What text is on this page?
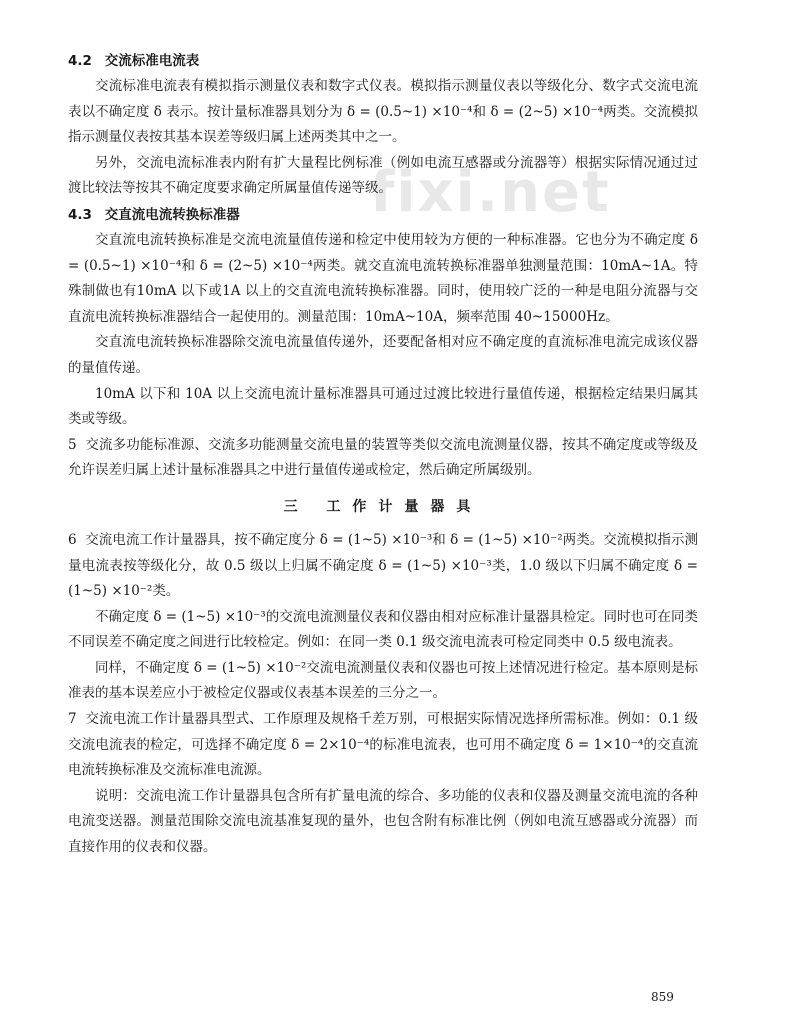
fixi.net
4.2 交流标准电流表

交流标准电流表有模拟指示测量仪表和数字式仪表。模拟指示测量仪表以等级化分、数字式交流电流表以不确定度 δ 表示。按计量标准器具划分为 δ = (0.5~1) ×10⁻⁴和 δ = (2~5) ×10⁻⁴两类。交流模拟指示测量仪表按其基本误差等级归属上述两类其中之一。

另外，交流电流标准表内附有扩大量程比例标准（例如电流互感器或分流器等）根据实际情况通过过渡比较法等按其不确定度要求确定所属量值传递等级。

4.3 交直流电流转换标准器

交直流电流转换标准是交流电流量值传递和检定中使用较为方便的一种标准器。它也分为不确定度 δ = (0.5~1) ×10⁻⁴和 δ = (2~5) ×10⁻⁴两类。就交直流电流转换标准器单独测量范围：10mA~1A。特殊制做也有10mA 以下或1A 以上的交直流电流转换标准器。同时，使用较广泛的一种是电阻分流器与交直流电流转换标准器结合一起使用的。测量范围：10mA~10A，频率范围 40~15000Hz。

交直流电流转换标准器除交流电流量值传递外，还要配备相对应不确定度的直流标准电流完成该仪器的量值传递。

10mA 以下和 10A 以上交流电流计量标准器具可通过过渡比较进行量值传递，根据检定结果归属其类或等级。

5 交流多功能标准源、交流多功能测量交流电量的装置等类似交流电流测量仪器，按其不确定度或等级及允许误差归属上述计量标准器具之中进行量值传递或检定，然后确定所属级别。

三 工作计量器具

6 交流电流工作计量器具，按不确定度分 δ = (1~5) ×10⁻³和 δ = (1~5) ×10⁻²两类。交流模拟指示测量电流表按等级化分，故 0.5 级以上归属不确定度 δ = (1~5) ×10⁻³类，1.0 级以下归属不确定度 δ = (1~5) ×10⁻²类。

不确定度 δ = (1~5) ×10⁻³的交流电流测量仪表和仪器由相对应标准计量器具检定。同时也可在同类不同误差不确定度之间进行比较检定。例如：在同一类 0.1 级交流电流表可检定同类中 0.5 级电流表。

同样，不确定度 δ = (1~5) ×10⁻²交流电流测量仪表和仪器也可按上述情况进行检定。基本原则是标准表的基本误差应小于被检定仪器或仪表基本误差的三分之一。

7 交流电流工作计量器具型式、工作原理及规格千差万别，可根据实际情况选择所需标准。例如：0.1 级交流电流表的检定，可选择不确定度 δ = 2×10⁻⁴的标准电流表，也可用不确定度 δ = 1×10⁻⁴的交直流电流转换标准及交流标准电流源。

说明：交流电流工作计量器具包含所有扩量电流的综合、多功能的仪表和仪器及测量交流电流的各种电流变送器。测量范围除交流电流基准复现的量外，也包含附有标准比例（例如电流互感器或分流器）而直接作用的仪表和仪器。

859
